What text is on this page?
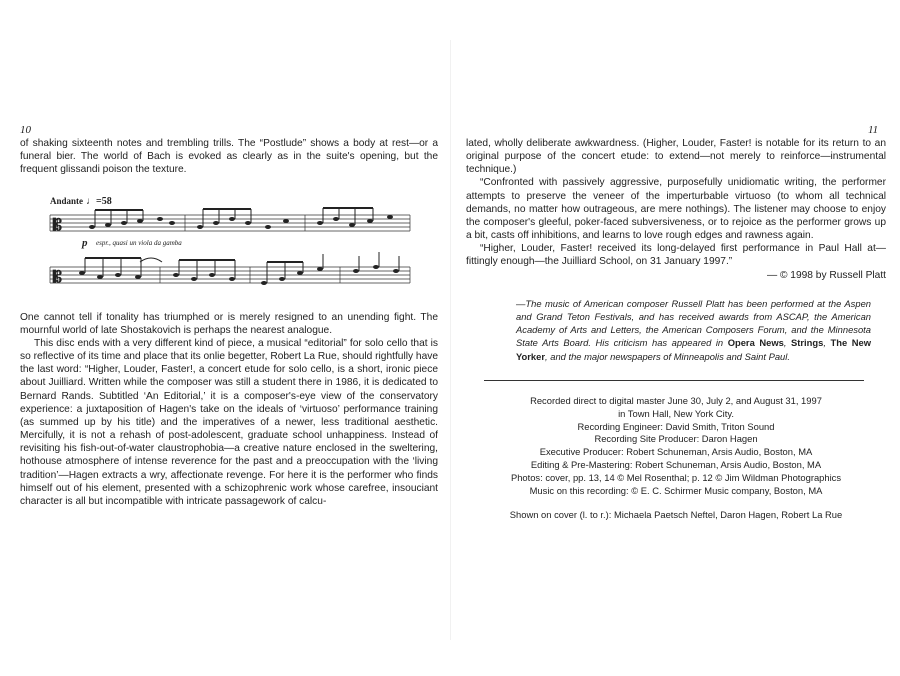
10	11

of shaking sixteenth notes and trembling trills. The “Postlude” shows a body at rest—or a funeral bier. The world of Bach is evoked as clearly as in the suite's opening, but the frequent glissandi poison the texture.

Andante ♩=58
𝄡
p espr., quasi un viola da gamba
𝄡

One cannot tell if tonality has triumphed or is merely resigned to an unending fight. The mournful world of late Shostakovich is perhaps the nearest analogue.

This disc ends with a very different kind of piece, a musical “editorial” for solo cello that is so reflective of its time and place that its onlie begetter, Robert La Rue, should rightfully have the last word: “Higher, Louder, Faster!, a concert etude for solo cello, is a short, ironic piece about Juilliard. Written while the composer was still a student there in 1986, it is dedicated to Bernard Rands. Subtitled ‘An Editorial,’ it is a composer's-eye view of the conservatory experience: a juxtaposition of Hagen's take on the ideals of ‘virtuoso’ performance training (as summed up by his title) and the imperatives of a newer, less traditional aesthetic. Mercifully, it is not a rehash of post-adolescent, graduate school unhappiness. Instead of revisiting his fish-out-of-water claustrophobia—a creative nature enclosed in the sweltering, hothouse atmosphere of intense reverence for the past and a preoccupation with the ‘living tradition’—Hagen extracts a wry, affectionate revenge. For here it is the performer who finds himself out of his element, presented with a schizophrenic work whose carefree, insouciant character is all but incompatible with intricate passagework of calcu-

lated, wholly deliberate awkwardness. (Higher, Louder, Faster! is notable for its return to an original purpose of the concert etude: to extend—not merely to reinforce—instrumental technique.)

“Confronted with passively aggressive, purposefully unidiomatic writing, the performer attempts to preserve the veneer of the imperturbable virtuoso (to whom all technical demands, no matter how outrageous, are mere nothings). The listener may choose to enjoy the composer's gleeful, poker-faced subversiveness, or to rejoice as the performer grows up a bit, casts off inhibitions, and learns to love rough edges and rawness again.

“Higher, Louder, Faster! received its long-delayed first performance in Paul Hall at—fittingly enough—the Juilliard School, on 31 January 1997.”

— © 1998 by Russell Platt

—The music of American composer Russell Platt has been performed at the Aspen and Grand Teton Festivals, and has received awards from ASCAP, the American Academy of Arts and Letters, the American Composers Forum, and the Minnesota State Arts Board. His criticism has appeared in Opera News, Strings, The New Yorker, and the major newspapers of Minneapolis and Saint Paul.
Recorded direct to digital master June 30, July 2, and August 31, 1997
in Town Hall, New York City.
Recording Engineer: David Smith, Triton Sound
Recording Site Producer: Daron Hagen
Executive Producer: Robert Schuneman, Arsis Audio, Boston, MA
Editing & Pre-Mastering: Robert Schuneman, Arsis Audio, Boston, MA
Photos: cover, pp. 13, 14 © Mel Rosenthal; p. 12 © Jim Wildman Photographics
Music on this recording: © E. C. Schirmer Music company, Boston, MA
Shown on cover (l. to r.): Michaela Paetsch Neftel, Daron Hagen, Robert La Rue
